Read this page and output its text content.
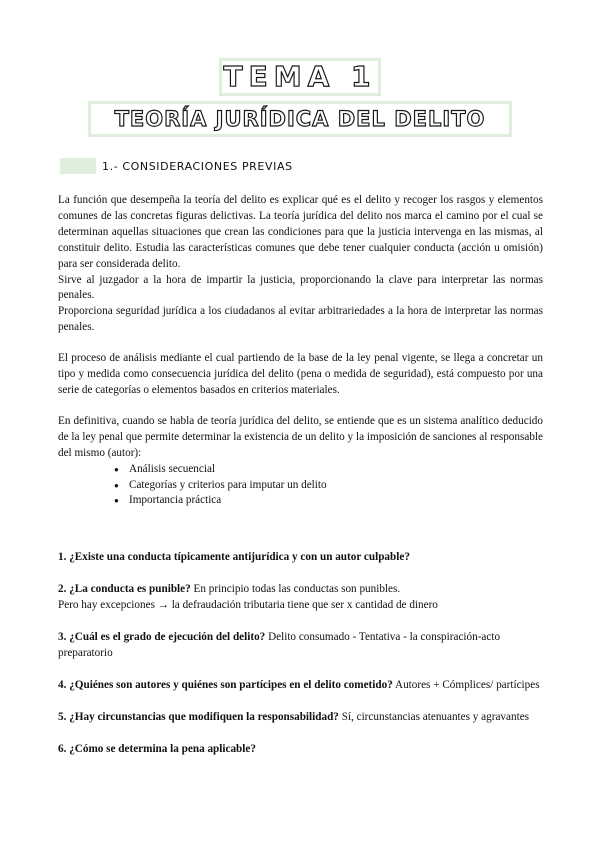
TEMA 1
TEORÍA JURÍDICA DEL DELITO
1.- CONSIDERACIONES PREVIAS

La función que desempeña la teoría del delito es explicar qué es el delito y recoger los rasgos y elementos comunes de las concretas figuras delictivas. La teoría jurídica del delito nos marca el camino por el cual se determinan aquellas situaciones que crean las condiciones para que la justicia intervenga en las mismas, al constituir delito. Estudia las características comunes que debe tener cualquier conducta (acción u omisión) para ser considerada delito.

Sirve al juzgador a la hora de impartir la justicia, proporcionando la clave para interpretar las normas penales.

Proporciona seguridad jurídica a los ciudadanos al evitar arbitrariedades a la hora de interpretar las normas penales.

El proceso de análisis mediante el cual partiendo de la base de la ley penal vigente, se llega a concretar un tipo y medida como consecuencia jurídica del delito (pena o medida de seguridad), está compuesto por una serie de categorías o elementos basados en criterios materiales.

En definitiva, cuando se habla de teoría jurídica del delito, se entiende que es un sistema analítico deducido de la ley penal que permite determinar la existencia de un delito y la imposición de sanciones al responsable del mismo (autor):

● Análisis secuencial
● Categorías y criterios para imputar un delito
● Importancia práctica

1. ¿Existe una conducta típicamente antijurídica y con un autor culpable?

2. ¿La conducta es punible? En principio todas las conductas son punibles.
Pero hay excepciones → la defraudación tributaria tiene que ser x cantidad de dinero

3. ¿Cuál es el grado de ejecución del delito? Delito consumado - Tentativa - la conspiración-acto preparatorio

4. ¿Quiénes son autores y quiénes son partícipes en el delito cometido? Autores + Cómplices/ partícipes

5. ¿Hay circunstancias que modifiquen la responsabilidad? Sí, circunstancias atenuantes y agravantes

6. ¿Cómo se determina la pena aplicable?
